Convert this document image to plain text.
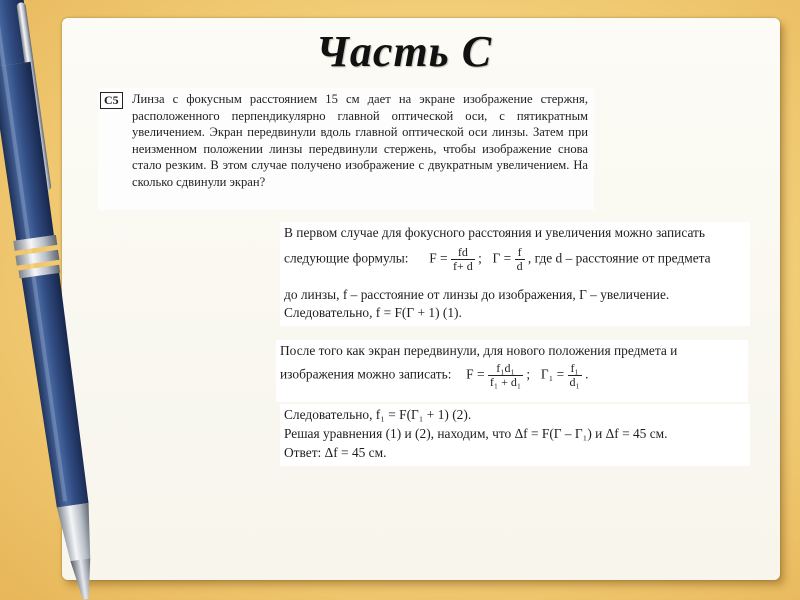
Часть С
C5	Линза с фокусным расстоянием 15 см дает на экране изображение стержня, расположенного перпендикулярно главной оптической оси, с пятикратным увеличением. Экран передвинули вдоль главной оптической оси линзы. Затем при неизменном положении линзы передвинули стержень, чтобы изображение снова стало резким. В этом случае получено изображение с двукратным увеличением. На сколько сдвинули экран?
В первом случае для фокусного расстояния и увеличения можно записать
следующие формулы: $F = \frac{fd}{f+ d}$ ; $Г = \frac{f}{d}$ , где d – расстояние от предмета
до линзы, f – расстояние от линзы до изображения, Г – увеличение.
Следовательно, f = F(Г + 1) (1).
После того как экран передвинули, для нового положения предмета и
изображения можно записать: $F = \frac{\text{f₁d₁}}{\text{f₁ + d₁}}$ ; $Г_1 = \frac{\text{f₁}}{\text{d₁}}$ .
Следовательно, f₁ = F(Г₁ + 1) (2).
Решая уравнения (1) и (2), находим, что Δf = F(Г – Г₁) и Δf = 45 см.
Ответ: Δf = 45 см.
